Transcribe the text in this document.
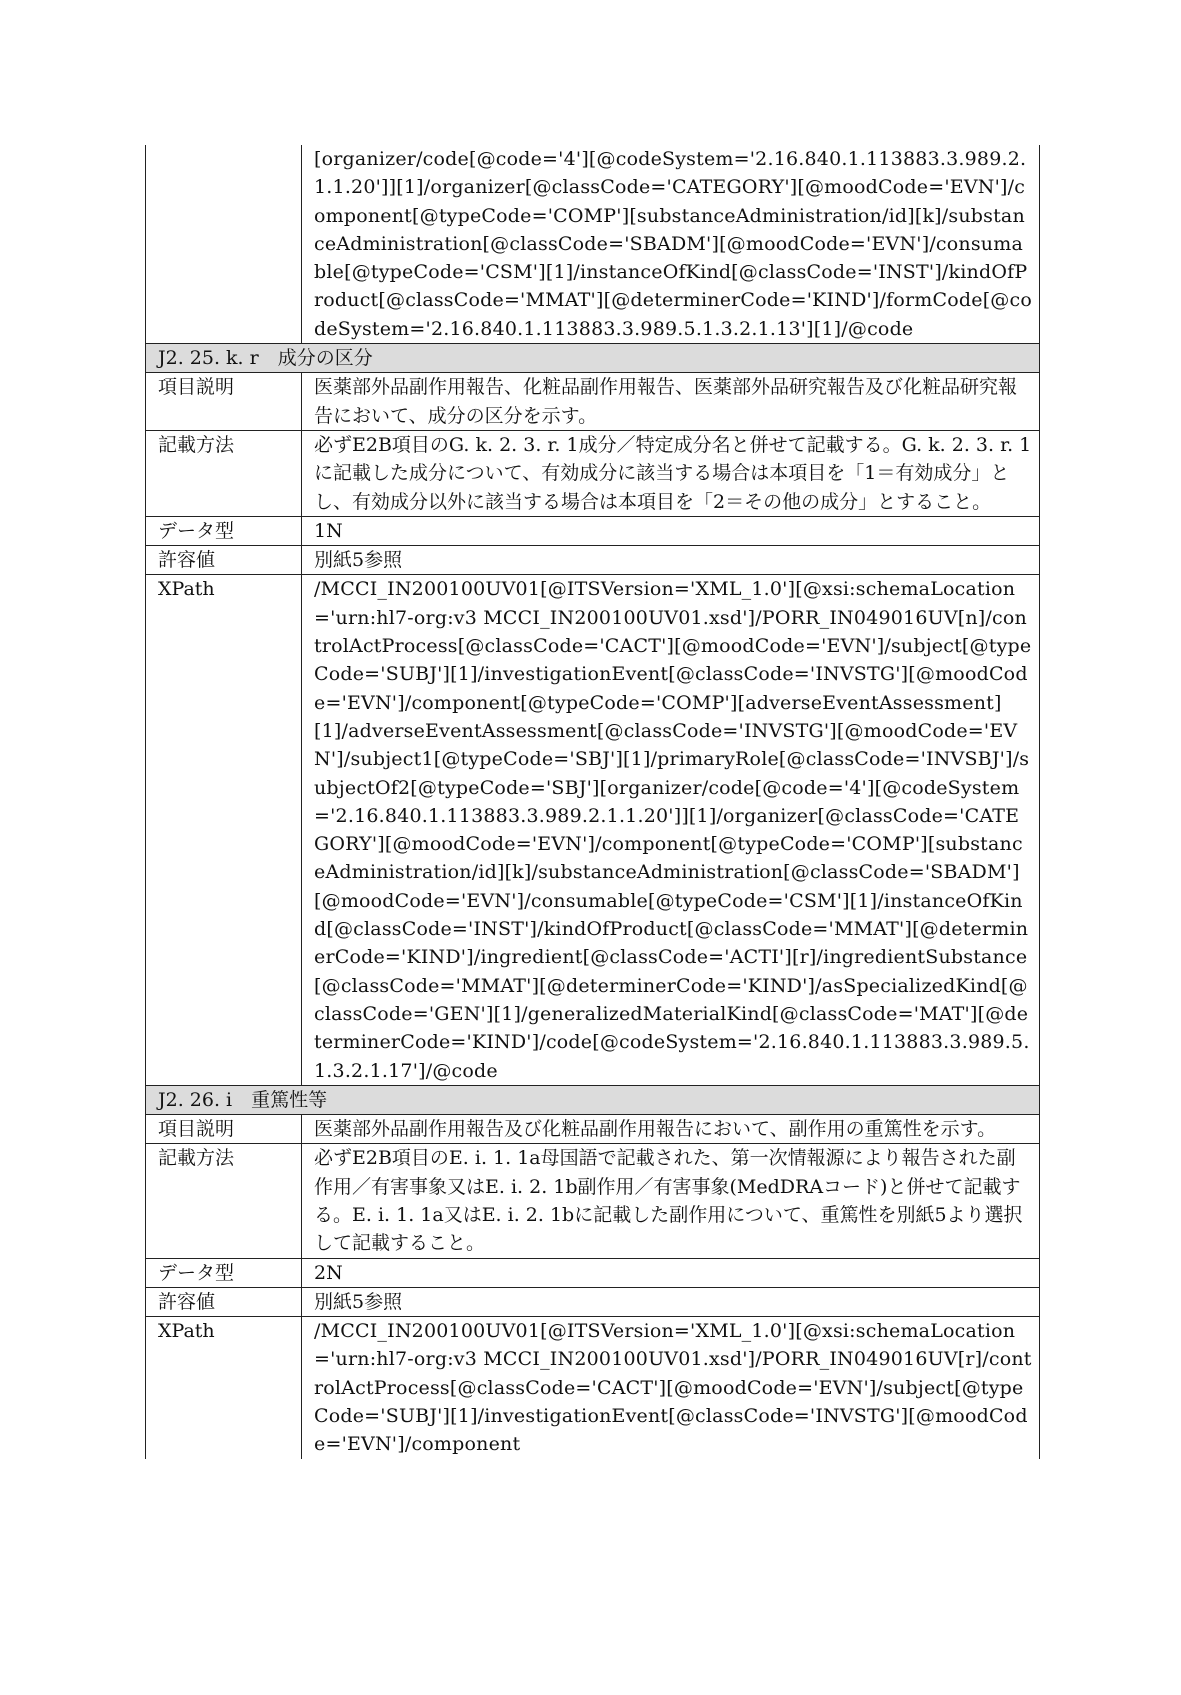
	[organizer/code[@code='4'][@codeSystem='2.16.840.1.113883.3.989.2.1.1.20']][1]/organizer[@classCode='CATEGORY'][@moodCode='EVN']/component[@typeCode='COMP'][substanceAdministration/id][k]/substanceAdministration[@classCode='SBADM'][@moodCode='EVN']/consumable[@typeCode='CSM'][1]/instanceOfKind[@classCode='INST']/kindOfProduct[@classCode='MMAT'][@determinerCode='KIND']/formCode[@codeSystem='2.16.840.1.113883.3.989.5.1.3.2.1.13'][1]/@code
J2. 25. k. r　成分の区分	
項目説明	医薬部外品副作用報告、化粧品副作用報告、医薬部外品研究報告及び化粧品研究報告において、成分の区分を示す。
記載方法	必ずE2B項目のG. k. 2. 3. r. 1成分／特定成分名と併せて記載する。G. k. 2. 3. r. 1に記載した成分について、有効成分に該当する場合は本項目を「1＝有効成分」とし、有効成分以外に該当する場合は本項目を「2＝その他の成分」とすること。
データ型	1N
許容値	別紙5参照
XPath	/MCCI_IN200100UV01[@ITSVersion='XML_1.0'][@xsi:schemaLocation='urn:hl7-org:v3 MCCI_IN200100UV01.xsd']/PORR_IN049016UV[n]/controlActProcess[@classCode='CACT'][@moodCode='EVN']/subject[@typeCode='SUBJ'][1]/investigationEvent[@classCode='INVSTG'][@moodCode='EVN']/component[@typeCode='COMP'][adverseEventAssessment][1]/adverseEventAssessment[@classCode='INVSTG'][@moodCode='EVN']/subject1[@typeCode='SBJ'][1]/primaryRole[@classCode='INVSBJ']/subjectOf2[@typeCode='SBJ'][organizer/code[@code='4'][@codeSystem='2.16.840.1.113883.3.989.2.1.1.20']][1]/organizer[@classCode='CATEGORY'][@moodCode='EVN']/component[@typeCode='COMP'][substanceAdministration/id][k]/substanceAdministration[@classCode='SBADM'][@moodCode='EVN']/consumable[@typeCode='CSM'][1]/instanceOfKind[@classCode='INST']/kindOfProduct[@classCode='MMAT'][@determinerCode='KIND']/ingredient[@classCode='ACTI'][r]/ingredientSubstance[@classCode='MMAT'][@determinerCode='KIND']/asSpecializedKind[@classCode='GEN'][1]/generalizedMaterialKind[@classCode='MAT'][@determinerCode='KIND']/code[@codeSystem='2.16.840.1.113883.3.989.5.1.3.2.1.17']/@code
J2. 26. i　重篤性等	
項目説明	医薬部外品副作用報告及び化粧品副作用報告において、副作用の重篤性を示す。
記載方法	必ずE2B項目のE. i. 1. 1a母国語で記載された、第一次情報源により報告された副作用／有害事象又はE. i. 2. 1b副作用／有害事象(MedDRAコード)と併せて記載する。E. i. 1. 1a又はE. i. 2. 1bに記載した副作用について、重篤性を別紙5より選択して記載すること。
データ型	2N
許容値	別紙5参照
XPath	/MCCI_IN200100UV01[@ITSVersion='XML_1.0'][@xsi:schemaLocation='urn:hl7-org:v3 MCCI_IN200100UV01.xsd']/PORR_IN049016UV[r]/controlActProcess[@classCode='CACT'][@moodCode='EVN']/subject[@typeCode='SUBJ'][1]/investigationEvent[@classCode='INVSTG'][@moodCode='EVN']/component
